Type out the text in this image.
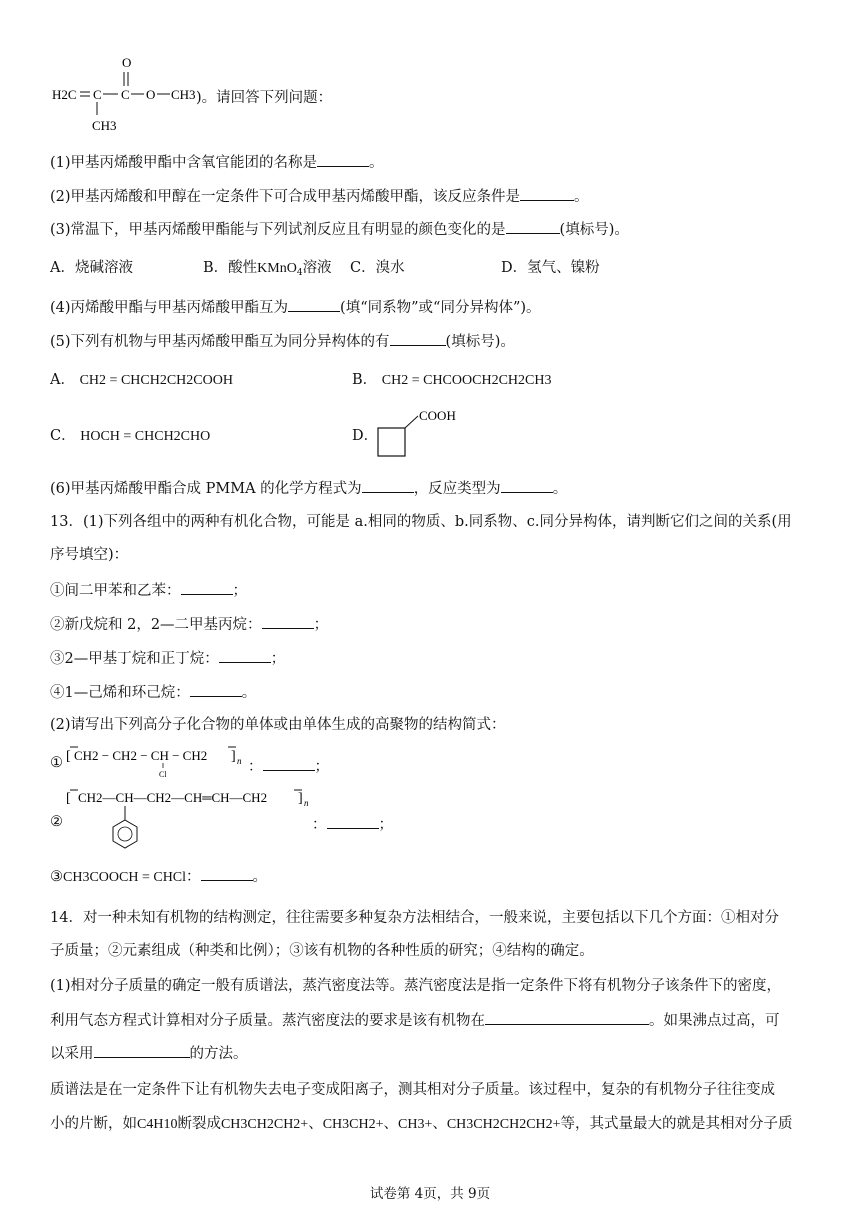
O
H2C C C O CH3
CH3
)。请回答下列问题：
(1)甲基丙烯酸甲酯中含氧官能团的名称是	。
(2)甲基丙烯酸和甲醇在一定条件下可合成甲基丙烯酸甲酯，该反应条件是	。
(3)常温下，甲基丙烯酸甲酯能与下列试剂反应且有明显的颜色变化的是	(填标号)。
A．烧碱溶液	B．酸性KMnO$_4$溶液 C．溴水	D．氢气、镍粉
(4)丙烯酸甲酯与甲基丙烯酸甲酯互为	(填“同系物”或“同分异构体”)。
(5)下列有机物与甲基丙烯酸甲酯互为同分异构体的有	(填标号)。
A． CH2 = CHCH2CH2COOH	B． CH2 = CHCOOCH2CH2CH3
C． HOCH = CHCH2CHO	D．
COOH
(6)甲基丙烯酸甲酯合成 PMMA 的化学方程式为	，反应类型为	。
13．(1)下列各组中的两种有机化合物，可能是 a.相同的物质、b.同系物、c.同分异构体，请判断它们之间的关系(用
序号填空)：
①间二甲苯和乙苯：	；
②新戊烷和 2，2—二甲基丙烷：	；
③2—甲基丁烷和正丁烷：	；
④1—己烯和环己烷：	。
(2)请写出下列高分子化合物的单体或由单体生成的高聚物的结构简式：
① [ CH2 − CH2 − CH − CH2
Cl
] n ：	；
[ CH2—CH—CH2—CH═CH—CH2 ] n
②	：	；
③CH3COOCH = CHCl：	。
14．对一种未知有机物的结构测定，往往需要多种复杂方法相结合，一般来说，主要包括以下几个方面：①相对分
子质量；②元素组成（种类和比例）；③该有机物的各种性质的研究；④结构的确定。
(1)相对分子质量的确定一般有质谱法，蒸汽密度法等。蒸汽密度法是指一定条件下将有机物分子该条件下的密度，
利用气态方程式计算相对分子质量。蒸汽密度法的要求是该有机物在	。如果沸点过高，可
以采用	的方法。
质谱法是在一定条件下让有机物失去电子变成阳离子，测其相对分子质量。该过程中，复杂的有机物分子往往变成
小的片断，如C4H10断裂成CH3CH2CH2+、CH3CH2+、CH3+、CH3CH2CH2CH2+等，其式量最大的就是其相对分子质
试卷第 4页，共 9页
